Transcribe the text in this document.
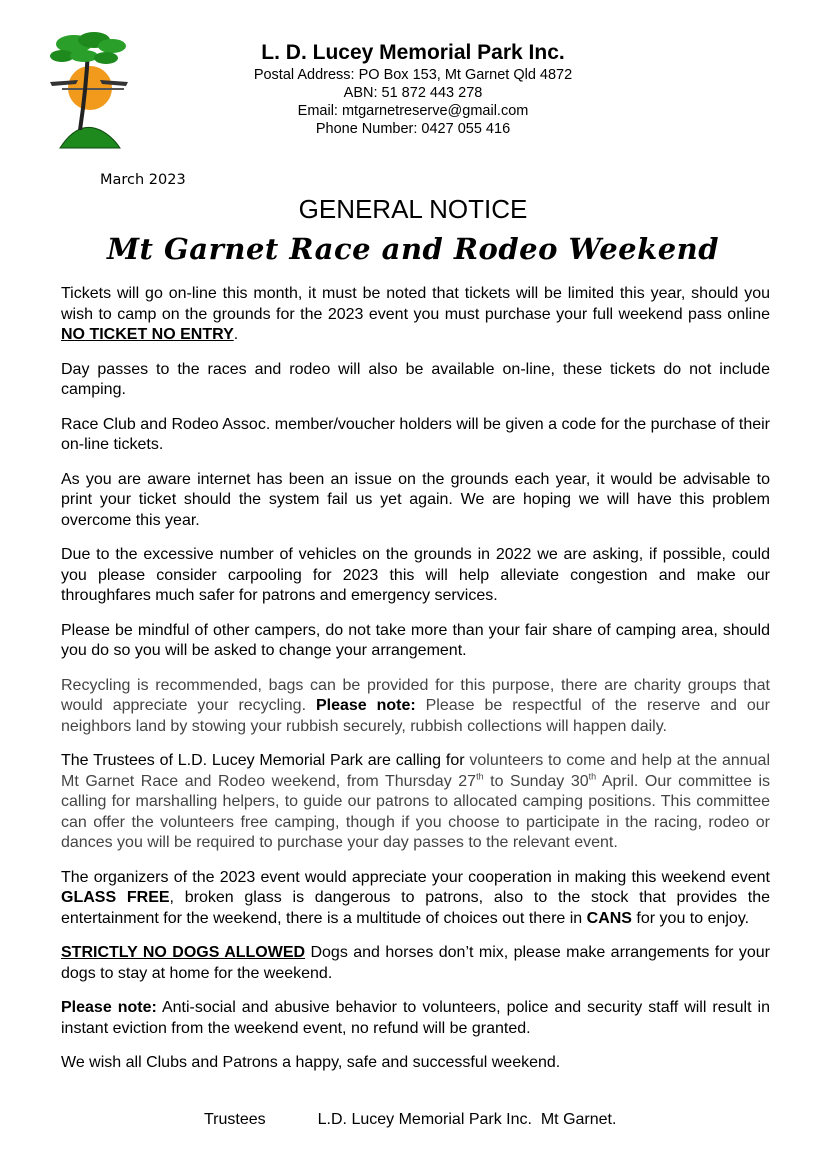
L. D. Lucey Memorial Park Inc.
Postal Address: PO Box 153, Mt Garnet Qld 4872
ABN: 51 872 443 278
Email: mtgarnetreserve@gmail.com
Phone Number: 0427 055 416
March 2023
GENERAL NOTICE
Mt Garnet Race and Rodeo Weekend

Tickets will go on-line this month, it must be noted that tickets will be limited this year, should you wish to camp on the grounds for the 2023 event you must purchase your full weekend pass online NO TICKET NO ENTRY.

Day passes to the races and rodeo will also be available on-line, these tickets do not include camping.

Race Club and Rodeo Assoc. member/voucher holders will be given a code for the purchase of their on-line tickets.

As you are aware internet has been an issue on the grounds each year, it would be advisable to print your ticket should the system fail us yet again. We are hoping we will have this problem overcome this year.

Due to the excessive number of vehicles on the grounds in 2022 we are asking, if possible, could you please consider carpooling for 2023 this will help alleviate congestion and make our throughfares much safer for patrons and emergency services.

Please be mindful of other campers, do not take more than your fair share of camping area, should you do so you will be asked to change your arrangement.

Recycling is recommended, bags can be provided for this purpose, there are charity groups that would appreciate your recycling. Please note: Please be respectful of the reserve and our neighbors land by stowing your rubbish securely, rubbish collections will happen daily.

The Trustees of L.D. Lucey Memorial Park are calling for volunteers to come and help at the annual Mt Garnet Race and Rodeo weekend, from Thursday 27th to Sunday 30th April. Our committee is calling for marshalling helpers, to guide our patrons to allocated camping positions. This committee can offer the volunteers free camping, though if you choose to participate in the racing, rodeo or dances you will be required to purchase your day passes to the relevant event.

The organizers of the 2023 event would appreciate your cooperation in making this weekend event GLASS FREE, broken glass is dangerous to patrons, also to the stock that provides the entertainment for the weekend, there is a multitude of choices out there in CANS for you to enjoy.

STRICTLY NO DOGS ALLOWED Dogs and horses don’t mix, please make arrangements for your dogs to stay at home for the weekend.

Please note: Anti-social and abusive behavior to volunteers, police and security staff will result in instant eviction from the weekend event, no refund will be granted.

We wish all Clubs and Patrons a happy, safe and successful weekend.

Trustees	L.D. Lucey Memorial Park Inc.  Mt Garnet.
